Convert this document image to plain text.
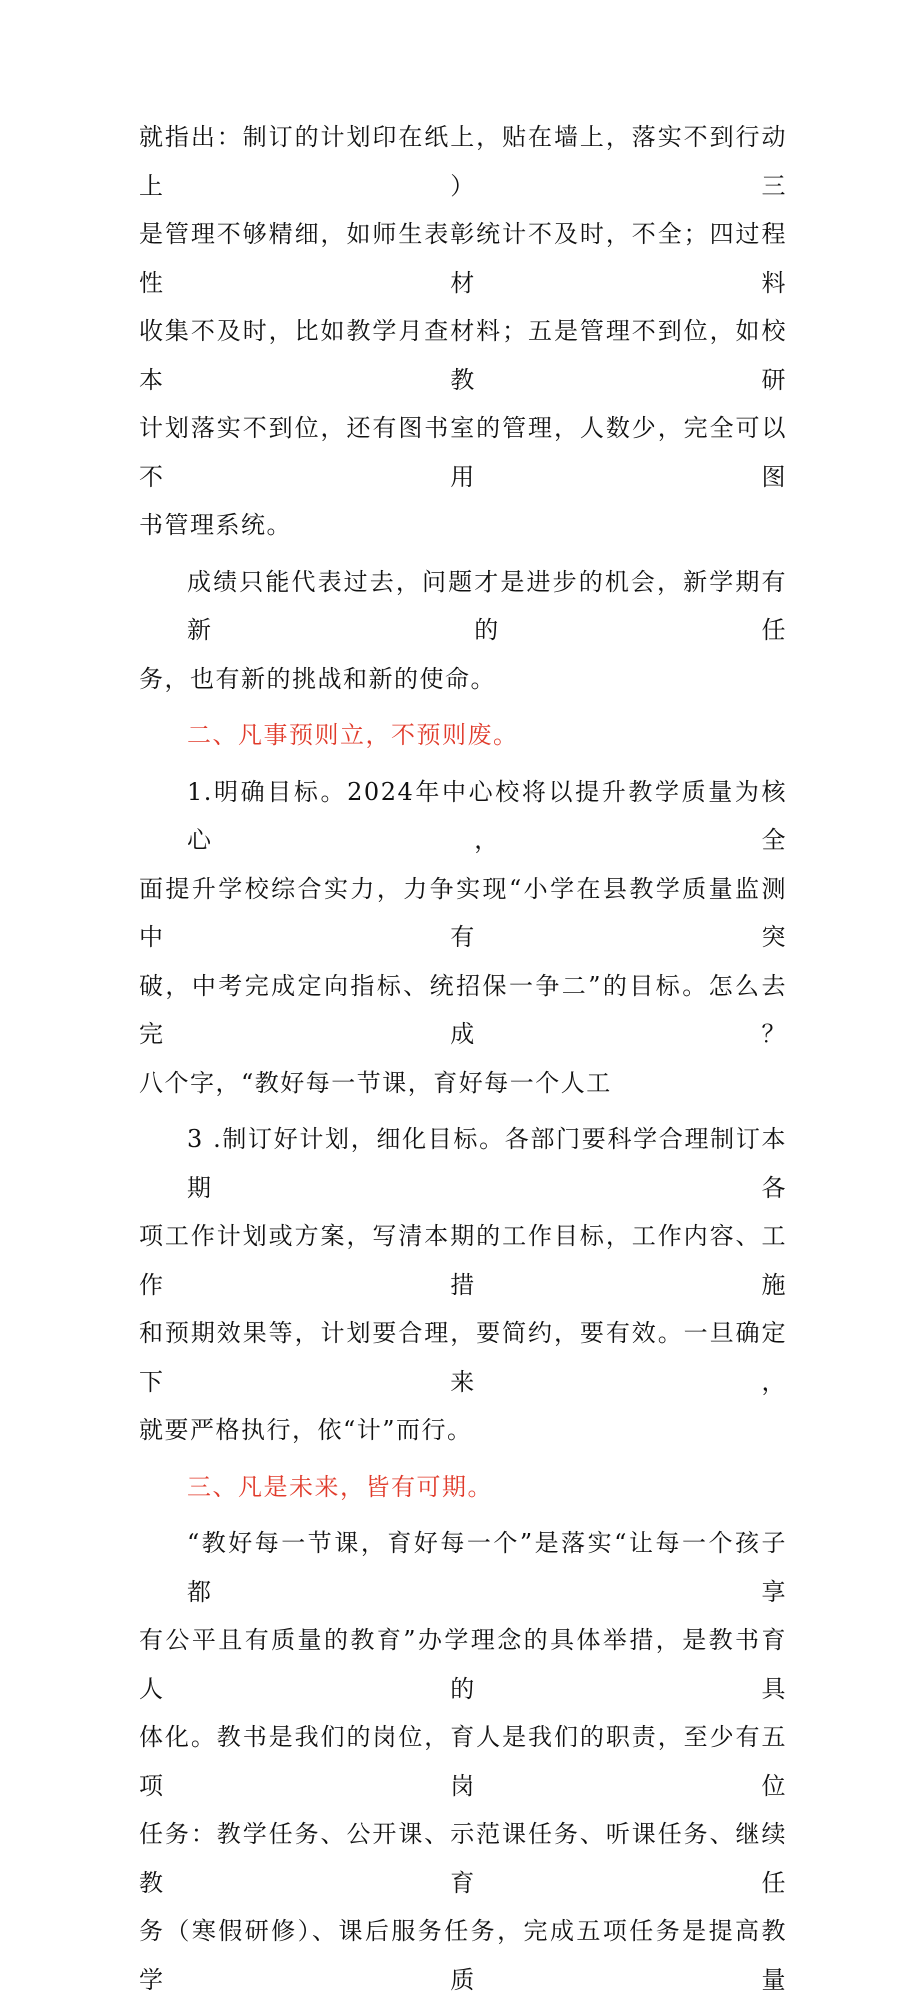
就指出：制订的计划印在纸上，贴在墙上，落实不到行动上）三
是管理不够精细，如师生表彰统计不及时，不全；四过程性材料
收集不及时，比如教学月查材料；五是管理不到位，如校本教研
计划落实不到位，还有图书室的管理，人数少，完全可以不用图
书管理系统。
成绩只能代表过去，问题才是进步的机会，新学期有新的任
务，也有新的挑战和新的使命。
二、凡事预则立，不预则废。
1.明确目标。2024年中心校将以提升教学质量为核心，全
面提升学校综合实力，力争实现“小学在县教学质量监测中有突
破，中考完成定向指标、统招保一争二”的目标。怎么去完成？
八个字，“教好每一节课，育好每一个人工
3 .制订好计划，细化目标。各部门要科学合理制订本期各
项工作计划或方案，写清本期的工作目标，工作内容、工作措施
和预期效果等，计划要合理，要简约，要有效。一旦确定下来，
就要严格执行，依“计”而行。
三、凡是未来，皆有可期。
“教好每一节课，育好每一个”是落实“让每一个孩子都享
有公平且有质量的教育”办学理念的具体举措，是教书育人的具
体化。教书是我们的岗位，育人是我们的职责，至少有五项岗位
任务：教学任务、公开课、示范课任务、听课任务、继续教育任
务（寒假研修）、课后服务任务，完成五项任务是提高教学质量
